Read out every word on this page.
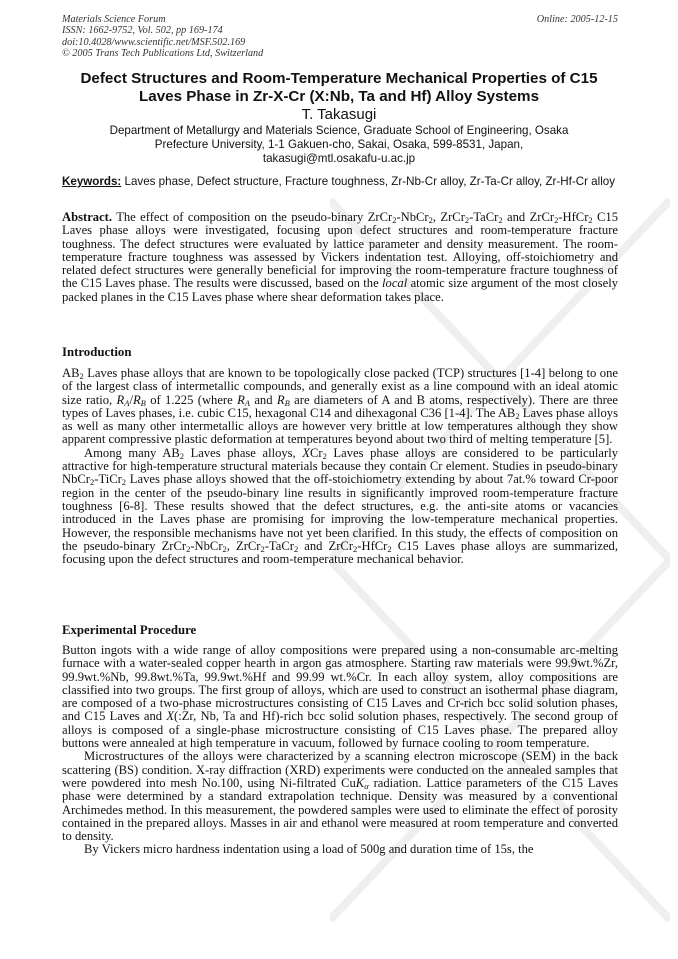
Materials Science Forum
ISSN: 1662-9752, Vol. 502, pp 169-174
doi:10.4028/www.scientific.net/MSF.502.169
© 2005 Trans Tech Publications Ltd, Switzerland
Online: 2005-12-15
Defect Structures and Room-Temperature Mechanical Properties of C15
Laves Phase in Zr-X-Cr (X:Nb, Ta and Hf) Alloy Systems
T. Takasugi
Department of Metallurgy and Materials Science, Graduate School of Engineering, Osaka
Prefecture University, 1-1 Gakuen-cho, Sakai, Osaka, 599-8531, Japan,
takasugi@mtl.osakafu-u.ac.jp
Keywords: Laves phase, Defect structure, Fracture toughness, Zr-Nb-Cr alloy, Zr-Ta-Cr alloy, Zr-Hf-Cr alloy

Abstract. The effect of composition on the pseudo-binary ZrCr$_2$-NbCr$_2$, ZrCr$_2$-TaCr$_2$ and ZrCr$_2$-HfCr$_2$ C15 Laves phase alloys were investigated, focusing upon defect structures and room-temperature fracture toughness. The defect structures were evaluated by lattice parameter and density measurement. The room-temperature fracture toughness was assessed by Vickers indentation test. Alloying, off-stoichiometry and related defect structures were generally beneficial for improving the room-temperature fracture toughness of the C15 Laves phase. The results were discussed, based on the local atomic size argument of the most closely packed planes in the C15 Laves phase where shear deformation takes place.

Introduction

$AB_2$ Laves phase alloys that are known to be topologically close packed (TCP) structures [1-4] belong to one of the largest class of intermetallic compounds, and generally exist as a line compound with an ideal atomic size ratio, $R_A/R_B$ of 1.225 (where $R_A$ and $R_B$ are diameters of A and B atoms, respectively). There are three types of Laves phases, i.e. cubic C15, hexagonal C14 and dihexagonal C36 [1-4]. The $AB_2$ Laves phase alloys as well as many other intermetallic alloys are however very brittle at low temperatures although they show apparent compressive plastic deformation at temperatures beyond about two third of melting temperature [5].

Among many $AB_2$ Laves phase alloys, XCr$_2$ Laves phase alloys are considered to be particularly attractive for high-temperature structural materials because they contain Cr element. Studies in pseudo-binary NbCr$_2$-TiCr$_2$ Laves phase alloys showed that the off-stoichiometry extending by about 7at.% toward Cr-poor region in the center of the pseudo-binary line results in significantly improved room-temperature fracture toughness [6-8]. These results showed that the defect structures, e.g. the anti-site atoms or vacancies introduced in the Laves phase are promising for improving the low-temperature mechanical properties. However, the responsible mechanisms have not yet been clarified. In this study, the effects of composition on the pseudo-binary ZrCr$_2$-NbCr$_2$, ZrCr$_2$-TaCr$_2$ and ZrCr$_2$-HfCr$_2$ C15 Laves phase alloys are summarized, focusing upon the defect structures and room-temperature mechanical behavior.

Experimental Procedure

Button ingots with a wide range of alloy compositions were prepared using a non-consumable arc-melting furnace with a water-sealed copper hearth in argon gas atmosphere. Starting raw materials were 99.9wt.%Zr, 99.9wt.%Nb, 99.8wt.%Ta, 99.9wt.%Hf and 99.99 wt.%Cr. In each alloy system, alloy compositions are classified into two groups. The first group of alloys, which are used to construct an isothermal phase diagram, are composed of a two-phase microstructures consisting of C15 Laves and Cr-rich bcc solid solution phases, and C15 Laves and X(:Zr, Nb, Ta and Hf)-rich bcc solid solution phases, respectively. The second group of alloys is composed of a single-phase microstructure consisting of C15 Laves phase. The prepared alloy buttons were annealed at high temperature in vacuum, followed by furnace cooling to room temperature.

Microstructures of the alloys were characterized by a scanning electron microscope (SEM) in the back scattering (BS) condition. X-ray diffraction (XRD) experiments were conducted on the annealed samples that were powdered into mesh No.100, using Ni-filtrated CuK$_\alpha$ radiation. Lattice parameters of the C15 Laves phase were determined by a standard extrapolation technique. Density was measured by a conventional Archimedes method. In this measurement, the powdered samples were used to eliminate the effect of porosity contained in the prepared alloys. Masses in air and ethanol were measured at room temperature and converted to density.

By Vickers micro hardness indentation using a load of 500g and duration time of 15s, the
